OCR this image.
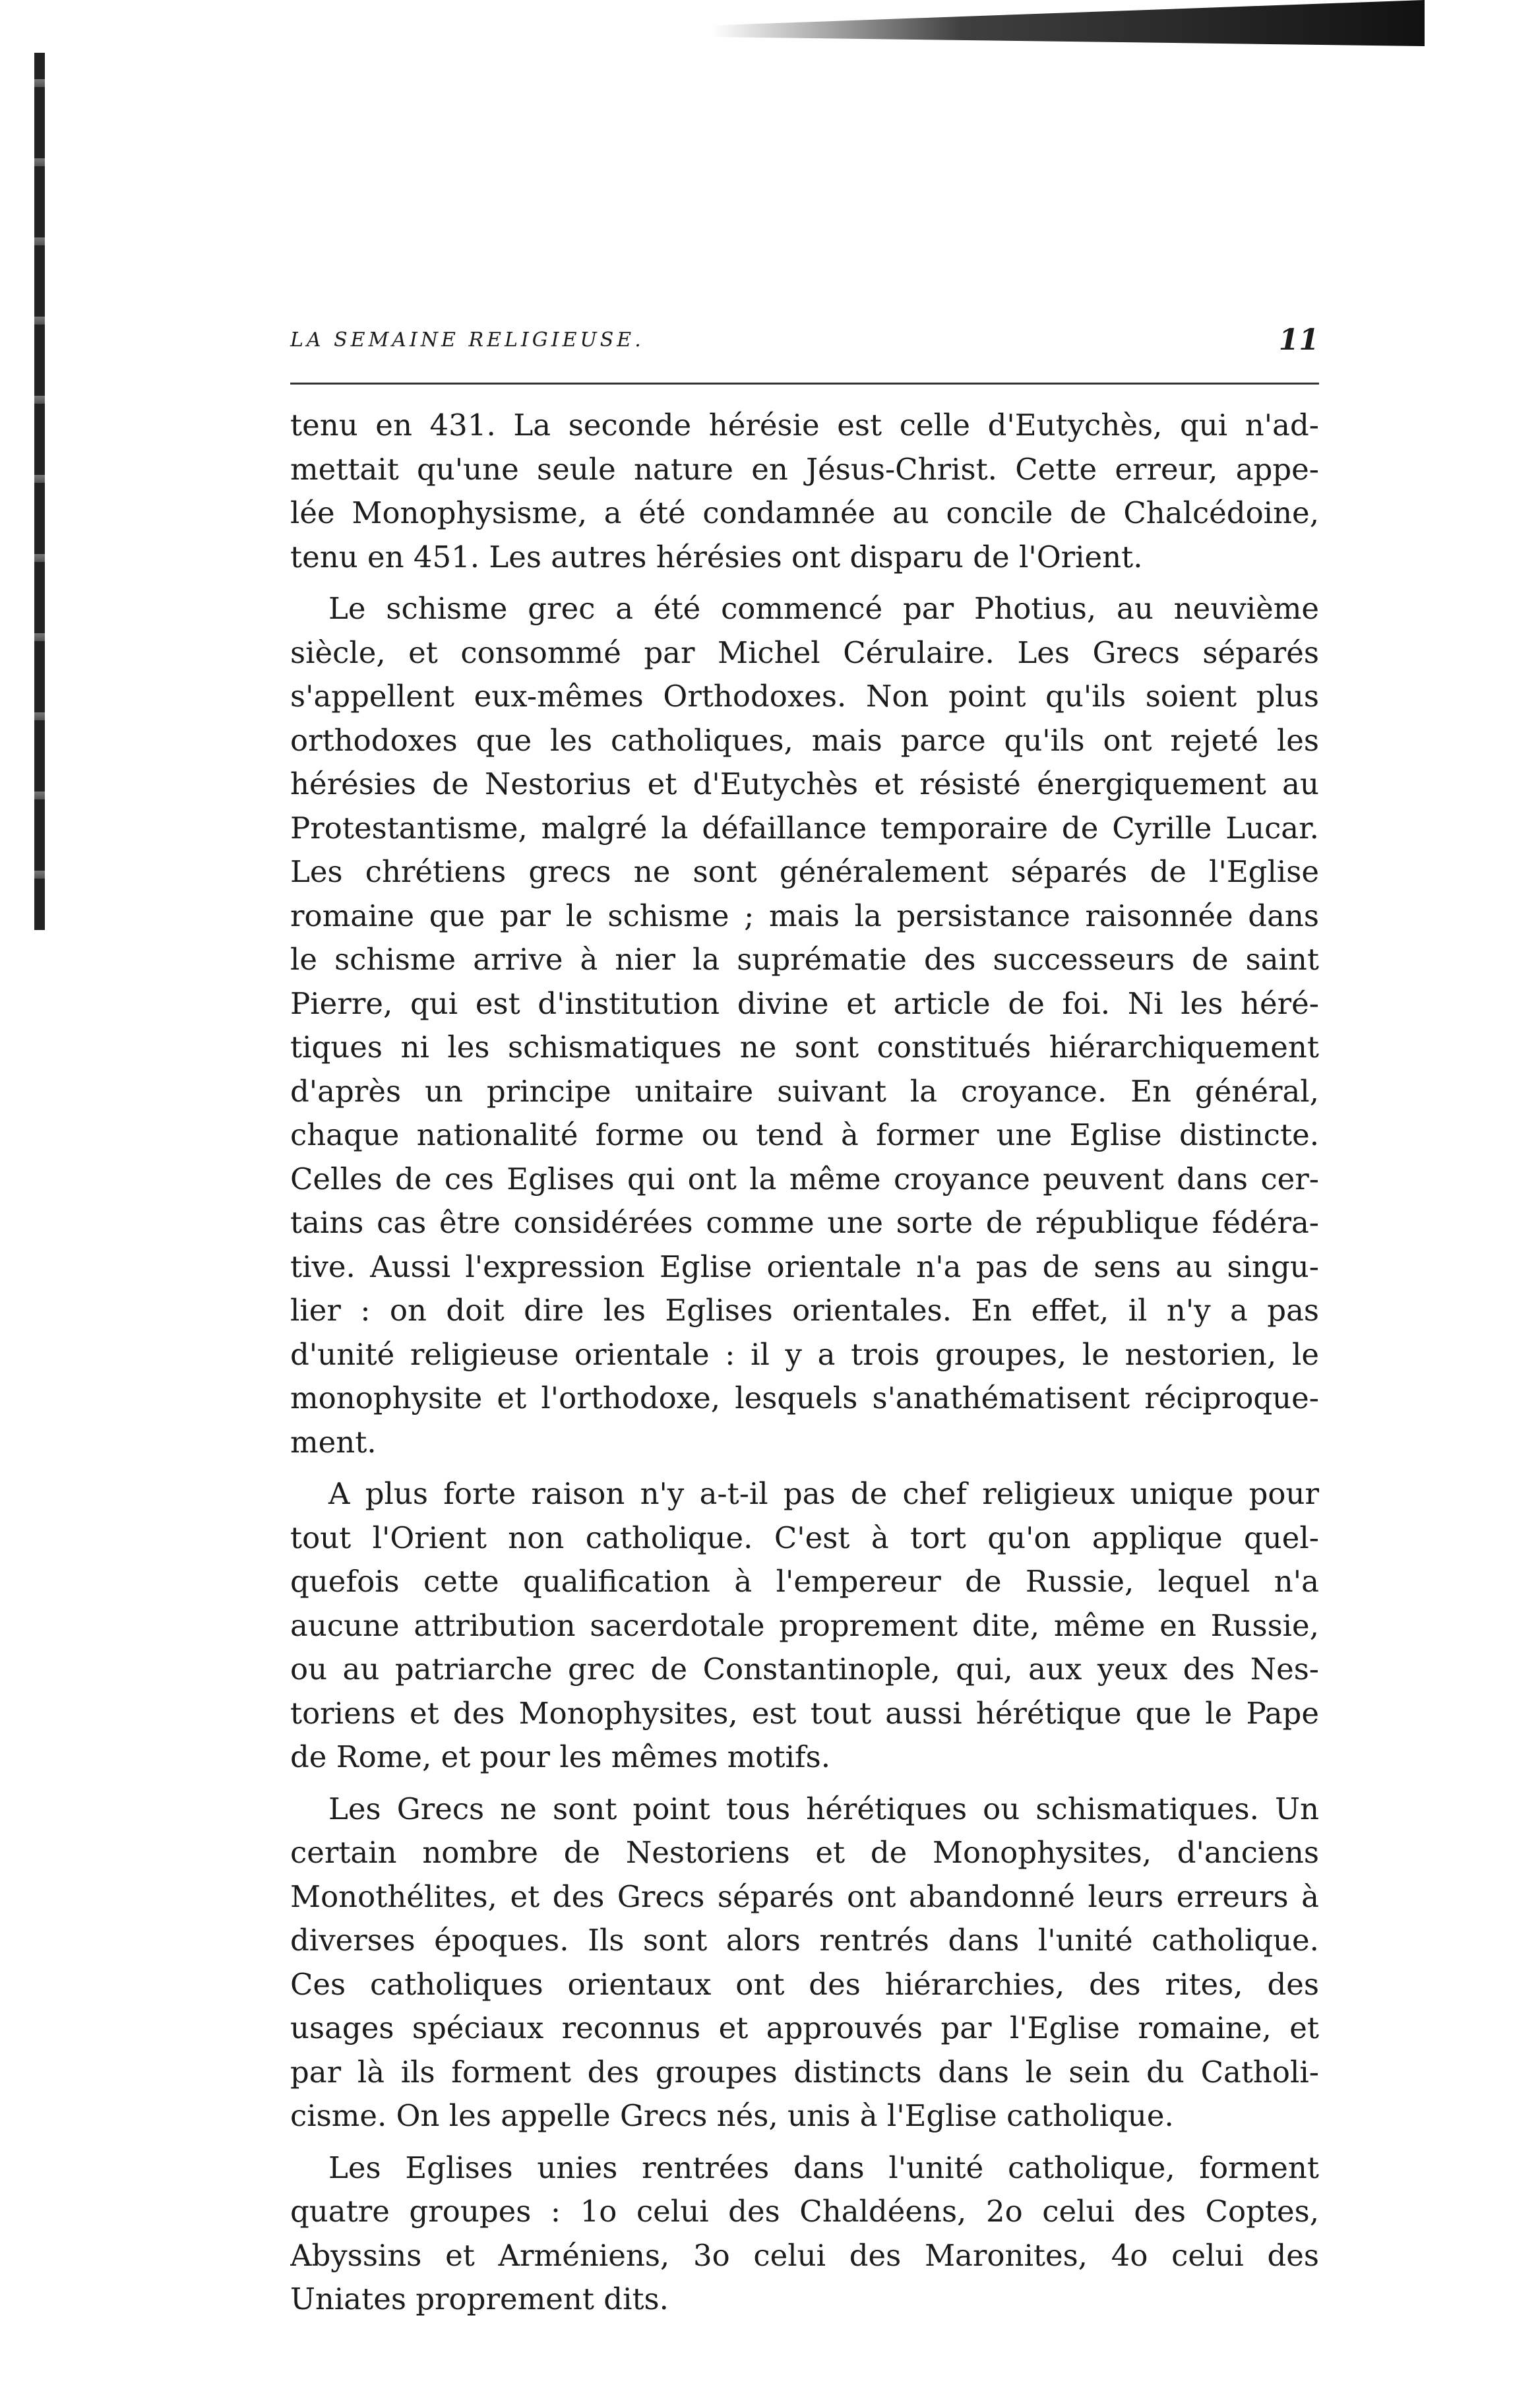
LA SEMAINE RELIGIEUSE.	11
tenu en 431. La seconde hérésie est celle d'Eutychès, qui n'ad-
mettait qu'une seule nature en Jésus-Christ. Cette erreur, appe-
lée Monophysisme, a été condamnée au concile de Chalcédoine,
tenu en 451. Les autres hérésies ont disparu de l'Orient.
Le schisme grec a été commencé par Photius, au neuvième
siècle, et consommé par Michel Cérulaire. Les Grecs séparés
s'appellent eux-mêmes Orthodoxes. Non point qu'ils soient plus
orthodoxes que les catholiques, mais parce qu'ils ont rejeté les
hérésies de Nestorius et d'Eutychès et résisté énergiquement au
Protestantisme, malgré la défaillance temporaire de Cyrille Lucar.
Les chrétiens grecs ne sont généralement séparés de l'Eglise
romaine que par le schisme ; mais la persistance raisonnée dans
le schisme arrive à nier la suprématie des successeurs de saint
Pierre, qui est d'institution divine et article de foi. Ni les héré-
tiques ni les schismatiques ne sont constitués hiérarchiquement
d'après un principe unitaire suivant la croyance. En général,
chaque nationalité forme ou tend à former une Eglise distincte.
Celles de ces Eglises qui ont la même croyance peuvent dans cer-
tains cas être considérées comme une sorte de république fédéra-
tive. Aussi l'expression Eglise orientale n'a pas de sens au singu-
lier : on doit dire les Eglises orientales. En effet, il n'y a pas
d'unité religieuse orientale : il y a trois groupes, le nestorien, le
monophysite et l'orthodoxe, lesquels s'anathématisent réciproque-
ment.
A plus forte raison n'y a-t-il pas de chef religieux unique pour
tout l'Orient non catholique. C'est à tort qu'on applique quel-
quefois cette qualification à l'empereur de Russie, lequel n'a
aucune attribution sacerdotale proprement dite, même en Russie,
ou au patriarche grec de Constantinople, qui, aux yeux des Nes-
toriens et des Monophysites, est tout aussi hérétique que le Pape
de Rome, et pour les mêmes motifs.
Les Grecs ne sont point tous hérétiques ou schismatiques. Un
certain nombre de Nestoriens et de Monophysites, d'anciens
Monothélites, et des Grecs séparés ont abandonné leurs erreurs à
diverses époques. Ils sont alors rentrés dans l'unité catholique.
Ces catholiques orientaux ont des hiérarchies, des rites, des
usages spéciaux reconnus et approuvés par l'Eglise romaine, et
par là ils forment des groupes distincts dans le sein du Catholi-
cisme. On les appelle Grecs nés, unis à l'Eglise catholique.
Les Eglises unies rentrées dans l'unité catholique, forment
quatre groupes : 1o celui des Chaldéens, 2o celui des Coptes,
Abyssins et Arméniens, 3o celui des Maronites, 4o celui des
Uniates proprement dits.
